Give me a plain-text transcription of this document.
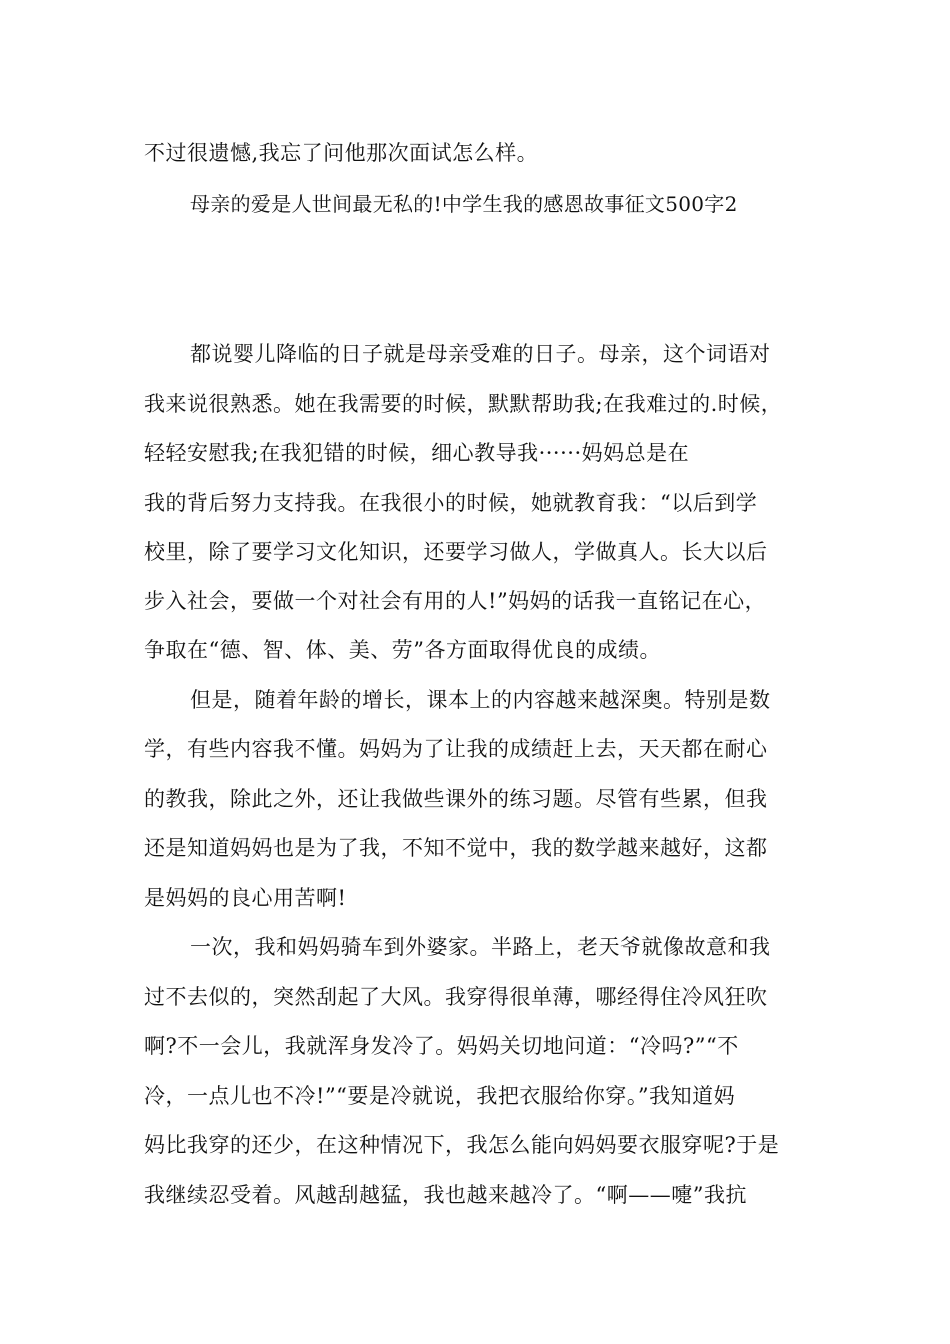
不过很遗憾,我忘了问他那次面试怎么样。
母亲的爱是人世间最无私的!中学生我的感恩故事征文500字2
都说婴儿降临的日子就是母亲受难的日子。母亲，这个词语对
我来说很熟悉。她在我需要的时候，默默帮助我;在我难过的.时候，
轻轻安慰我;在我犯错的时候，细心教导我······妈妈总是在
我的背后努力支持我。在我很小的时候，她就教育我：“以后到学
校里，除了要学习文化知识，还要学习做人，学做真人。长大以后
步入社会，要做一个对社会有用的人!”妈妈的话我一直铭记在心，
争取在“德、智、体、美、劳”各方面取得优良的成绩。
但是，随着年龄的增长，课本上的内容越来越深奥。特别是数
学，有些内容我不懂。妈妈为了让我的成绩赶上去，天天都在耐心
的教我，除此之外，还让我做些课外的练习题。尽管有些累，但我
还是知道妈妈也是为了我，不知不觉中，我的数学越来越好，这都
是妈妈的良心用苦啊!
一次，我和妈妈骑车到外婆家。半路上，老天爷就像故意和我
过不去似的，突然刮起了大风。我穿得很单薄，哪经得住冷风狂吹
啊?不一会儿，我就浑身发冷了。妈妈关切地问道：“冷吗?”“不
冷，一点儿也不冷!”“要是冷就说，我把衣服给你穿。”我知道妈
妈比我穿的还少，在这种情况下，我怎么能向妈妈要衣服穿呢?于是
我继续忍受着。风越刮越猛，我也越来越冷了。“啊——嚏”我抗
